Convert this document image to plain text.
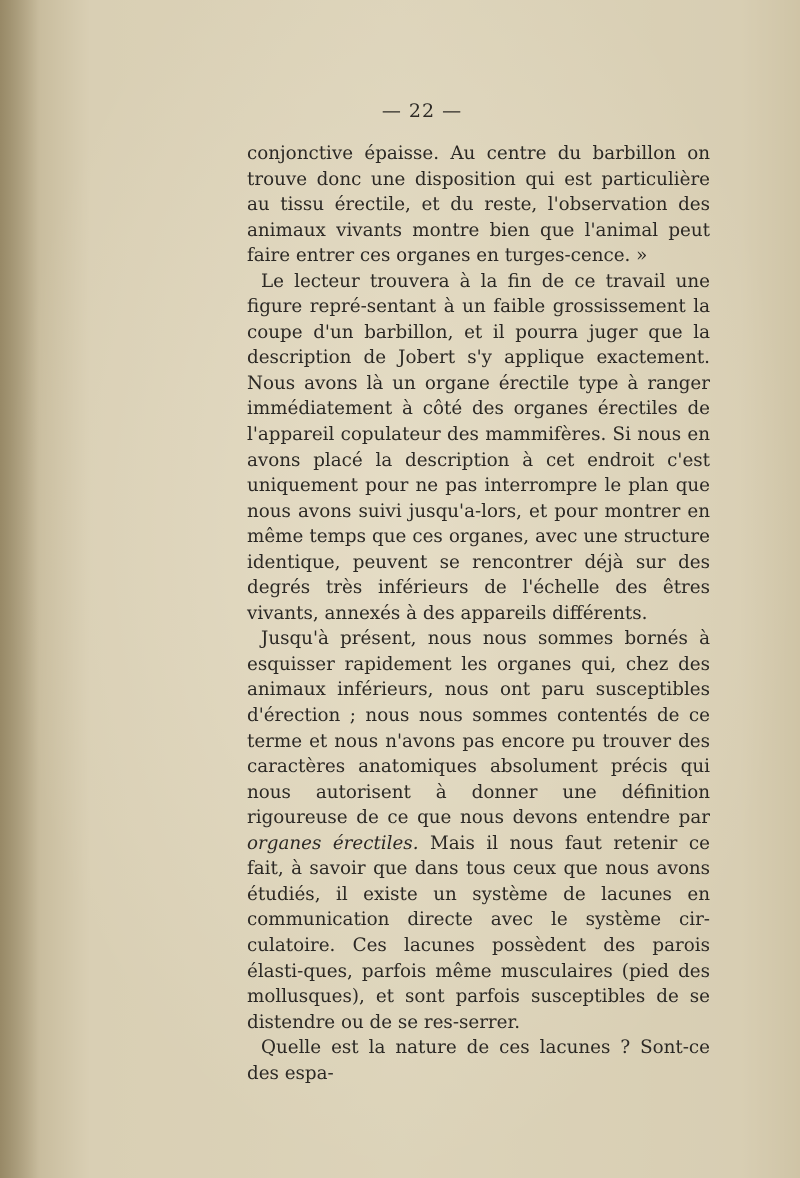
— 22 —

conjonctive épaisse. Au centre du barbillon on trouve donc une disposition qui est particulière au tissu érectile, et du reste, l'observation des animaux vivants montre bien que l'animal peut faire entrer ces organes en turges-cence. »

Le lecteur trouvera à la fin de ce travail une figure repré-sentant à un faible grossissement la coupe d'un barbillon, et il pourra juger que la description de Jobert s'y applique exactement. Nous avons là un organe érectile type à ranger immédiatement à côté des organes érectiles de l'appareil copulateur des mammifères. Si nous en avons placé la description à cet endroit c'est uniquement pour ne pas interrompre le plan que nous avons suivi jusqu'a-lors, et pour montrer en même temps que ces organes, avec une structure identique, peuvent se rencontrer déjà sur des degrés très inférieurs de l'échelle des êtres vivants, annexés à des appareils différents.

Jusqu'à présent, nous nous sommes bornés à esquisser rapidement les organes qui, chez des animaux inférieurs, nous ont paru susceptibles d'érection ; nous nous sommes contentés de ce terme et nous n'avons pas encore pu trouver des caractères anatomiques absolument précis qui nous autorisent à donner une définition rigoureuse de ce que nous devons entendre par organes érectiles. Mais il nous faut retenir ce fait, à savoir que dans tous ceux que nous avons étudiés, il existe un système de lacunes en communication directe avec le système cir-culatoire. Ces lacunes possèdent des parois élasti-ques, parfois même musculaires (pied des mollusques), et sont parfois susceptibles de se distendre ou de se res-serrer.

Quelle est la nature de ces lacunes ? Sont-ce des espa-
